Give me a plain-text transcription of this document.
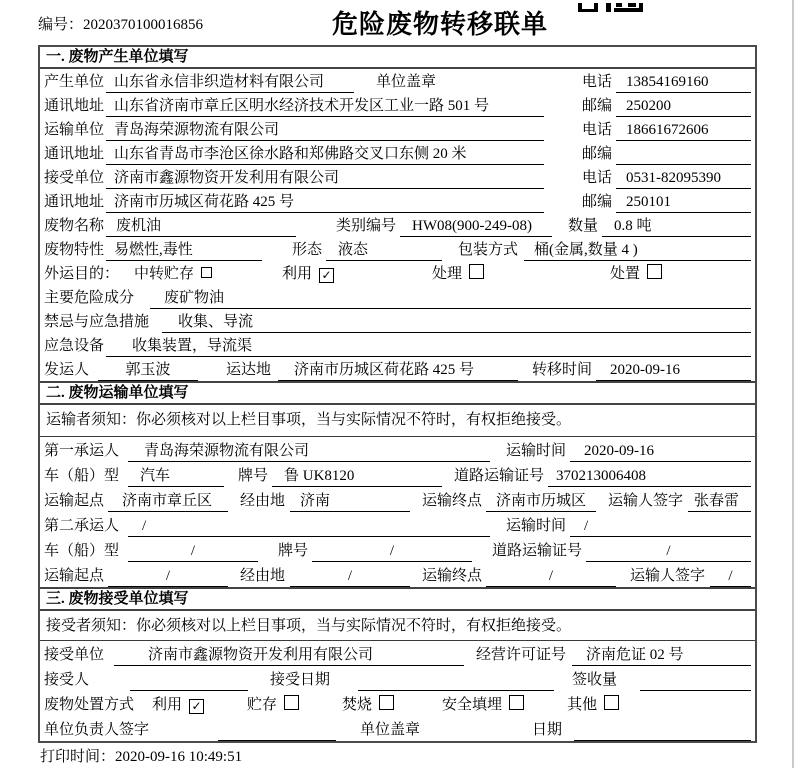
编号：2020370100016856	危险废物转移联单
一. 废物产生单位填写
产生单位 山东省永信非织造材料有限公司	单位盖章	电话 13854169160
通讯地址 山东省济南市章丘区明水经济技术开发区工业一路 501 号	邮编 250200
运输单位 青岛海荣源物流有限公司	电话 18661672606
通讯地址 山东省青岛市李沧区徐水路和郑佛路交叉口东侧 20 米	邮编
接受单位 济南市鑫源物资开发利用有限公司	电话 0531-82095390
通讯地址 济南市历城区荷花路 425 号	邮编 250101
废物名称 废机油	类别编号	HW08(900-249-08)	数量	0.8 吨
废物特性 易燃性,毒性	形态	液态	包装方式	桶(金属,数量 4 )
外运目的： 中转贮存	利用 ✓	处理	处置
主要危险成分	废矿物油
禁忌与应急措施	收集、导流
应急设备	收集装置，导流渠
发运人	郭玉波	运达地	济南市历城区荷花路 425 号	转移时间	2020-09-16
二. 废物运输单位填写
运输者须知：你必须核对以上栏目事项，当与实际情况不符时，有权拒绝接受。
第一承运人	青岛海荣源物流有限公司	运输时间	2020-09-16
车（船）型	汽车	牌号	鲁 UK8120	道路运输证号 370213006408
运输起点	济南市章丘区	经由地 济南	运输终点 济南市历城区	运输人签字 张春雷
第二承运人	/	运输时间	/
车（船）型	/	牌号	/	道路运输证号	/
运输起点	/	经由地	/	运输终点	/	运输人签字	/
三. 废物接受单位填写
接受者须知：你必须核对以上栏目事项，当与实际情况不符时，有权拒绝接受。
接受单位	济南市鑫源物资开发利用有限公司	经营许可证号	济南危证 02 号
接受人	接受日期	签收量
废物处置方式	利用 ✓	贮存	焚烧	安全填埋	其他
单位负责人签字	单位盖章	日期
打印时间：2020-09-16 10:49:51
